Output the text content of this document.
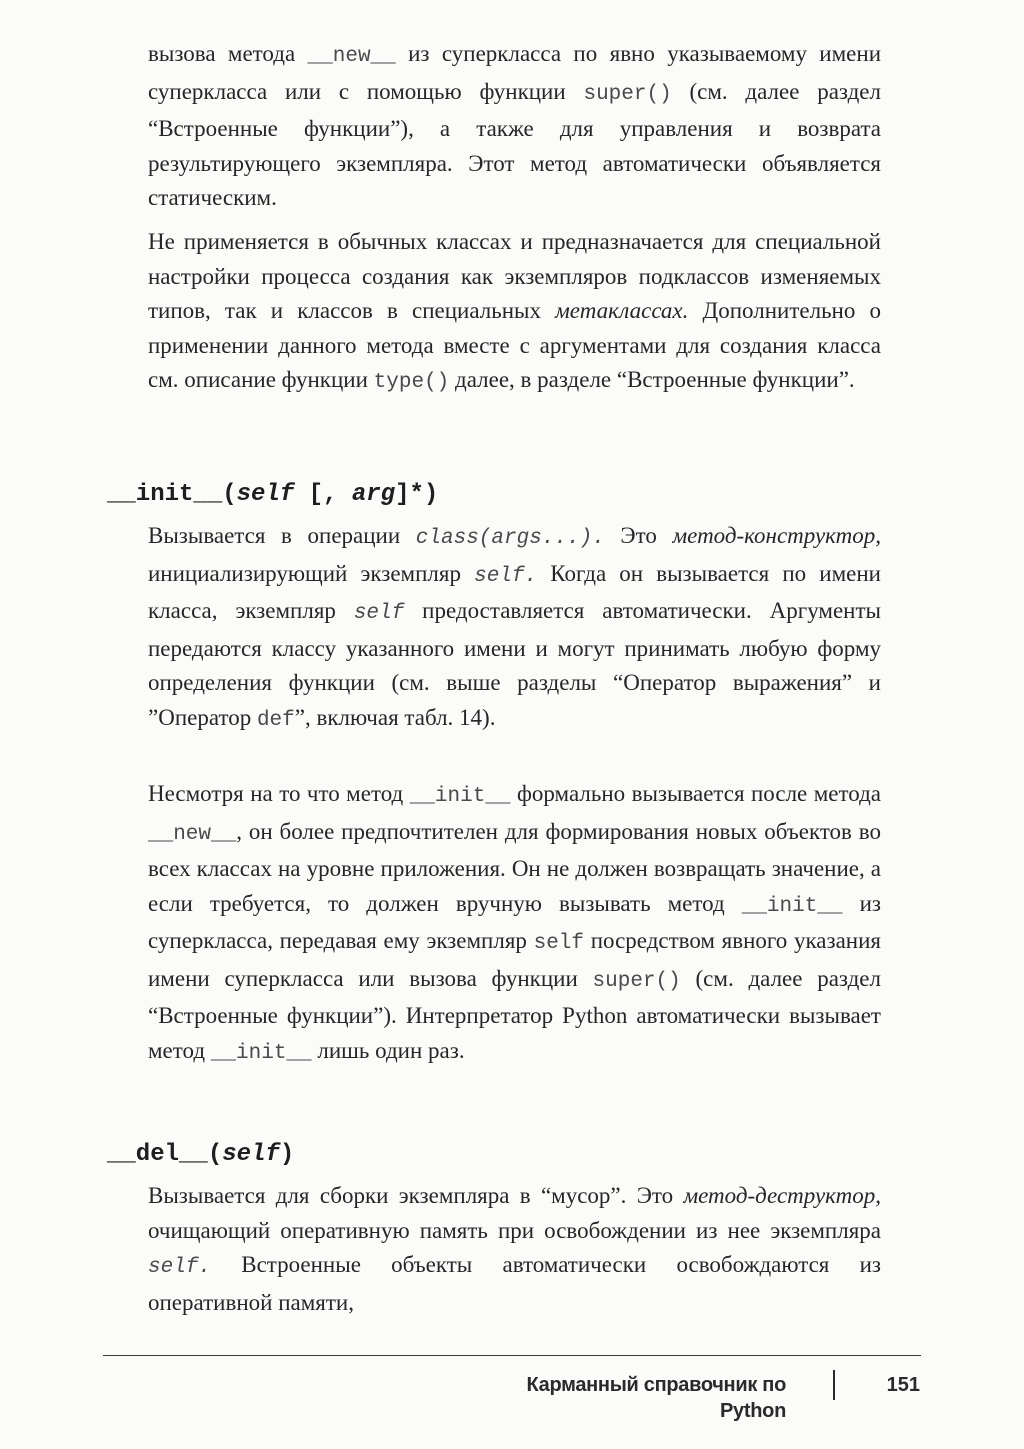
вызова метода __new__ из суперкласса по явно указываемому имени суперкласса или с помощью функции super() (см. далее раздел “Встроенные функции”), а также для управления и возврата результирующего экземпляра. Этот метод автоматически объявляется статическим.

Не применяется в обычных классах и предназначается для специальной настройки процесса создания как экземпляров подклассов изменяемых типов, так и классов в специальных метаклассах. Дополнительно о применении данного метода вместе с аргументами для создания класса см. описание функции type() далее, в разделе “Встроенные функции”.

__init__(self [, arg]*)

Вызывается в операции class(args...). Это метод-конструктор, инициализирующий экземпляр self. Когда он вызывается по имени класса, экземпляр self предоставляется автоматически. Аргументы передаются классу указанного имени и могут принимать любую форму определения функции (см. выше разделы “Оператор выражения” и ”Оператор def”, включая табл. 14).

Несмотря на то что метод __init__ формально вызывается после метода __new__, он более предпочтителен для формирования новых объектов во всех классах на уровне приложения. Он не должен возвращать значение, а если требуется, то должен вручную вызывать метод __init__ из суперкласса, передавая ему экземпляр self посредством явного указания имени суперкласса или вызова функции super() (см. далее раздел “Встроенные функции”). Интерпретатор Python автоматически вызывает метод __init__ лишь один раз.

__del__(self)

Вызывается для сборки экземпляра в “мусор”. Это метод-деструктор, очищающий оперативную память при освобождении из нее экземпляра self. Встроенные объекты автоматически освобождаются из оперативной памяти,

Карманный справочник по Python
151
